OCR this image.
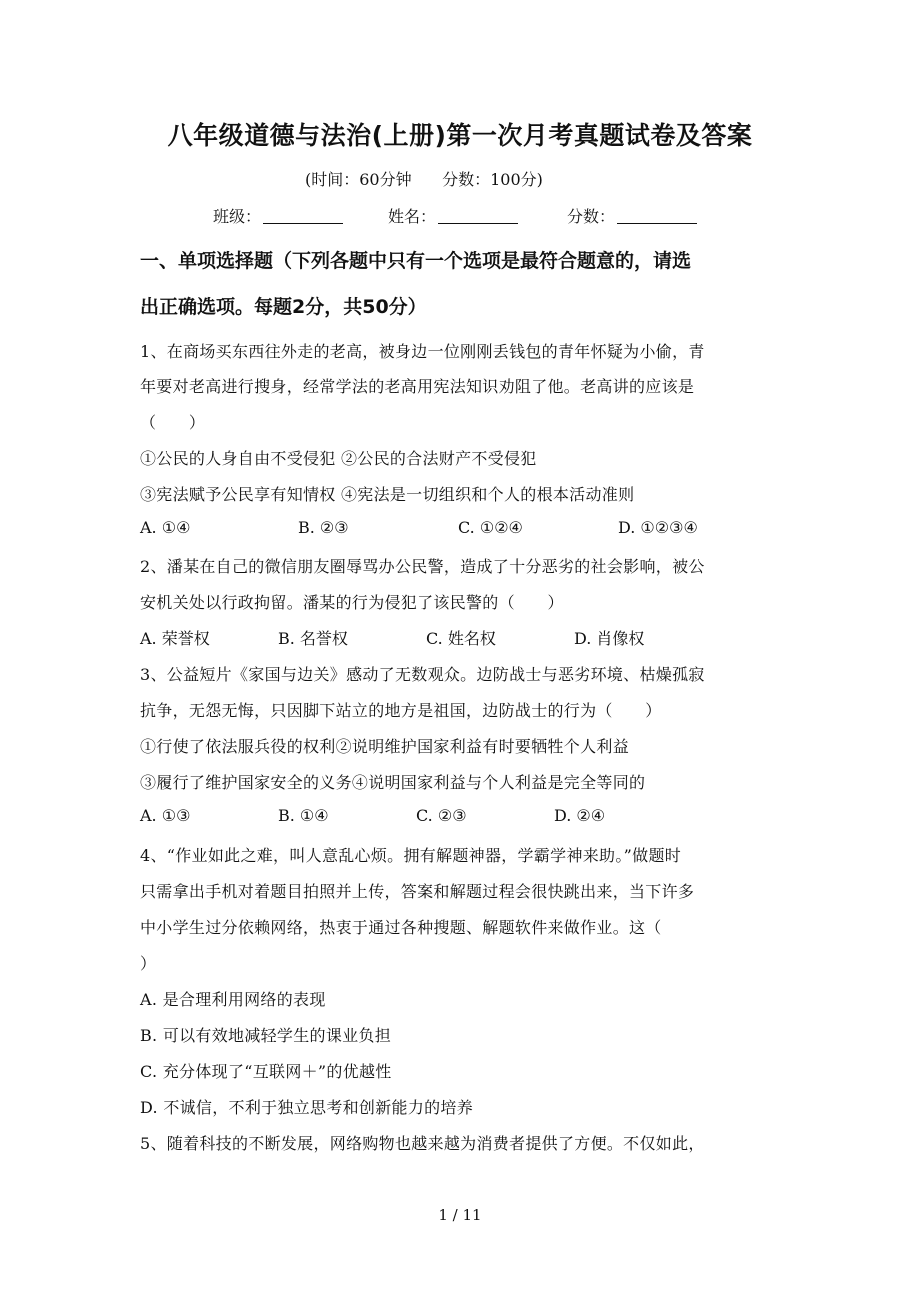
八年级道德与法治(上册)第一次月考真题试卷及答案
(时间：60分钟      分数：100分)
班级：	姓名：	分数：
一、单项选择题（下列各题中只有一个选项是最符合题意的，请选
出正确选项。每题2分，共50分）
1、在商场买东西往外走的老高，被身边一位刚刚丢钱包的青年怀疑为小偷，青
年要对老高进行搜身，经常学法的老高用宪法知识劝阻了他。老高讲的应该是
（　　）
①公民的人身自由不受侵犯 ②公民的合法财产不受侵犯
③宪法赋予公民享有知情权 ④宪法是一切组织和个人的根本活动准则
A. ①④	B. ②③	C. ①②④	D. ①②③④
2、潘某在自己的微信朋友圈辱骂办公民警，造成了十分恶劣的社会影响，被公
安机关处以行政拘留。潘某的行为侵犯了该民警的（　　）
A. 荣誉权	B. 名誉权	C. 姓名权	D. 肖像权
3、公益短片《家国与边关》感动了无数观众。边防战士与恶劣环境、枯燥孤寂
抗争，无怨无悔，只因脚下站立的地方是祖国，边防战士的行为（　　）
①行使了依法服兵役的权利②说明维护国家利益有时要牺牲个人利益
③履行了维护国家安全的义务④说明国家利益与个人利益是完全等同的
A. ①③	B. ①④	C. ②③	D. ②④
4、“作业如此之难，叫人意乱心烦。拥有解题神器，学霸学神来助。”做题时
只需拿出手机对着题目拍照并上传，答案和解题过程会很快跳出来，当下许多
中小学生过分依赖网络，热衷于通过各种搜题、解题软件来做作业。这（
）
A. 是合理利用网络的表现
B. 可以有效地减轻学生的课业负担
C. 充分体现了“互联网＋”的优越性
D. 不诚信，不利于独立思考和创新能力的培养
5、随着科技的不断发展，网络购物也越来越为消费者提供了方便。不仅如此，
1 / 11
